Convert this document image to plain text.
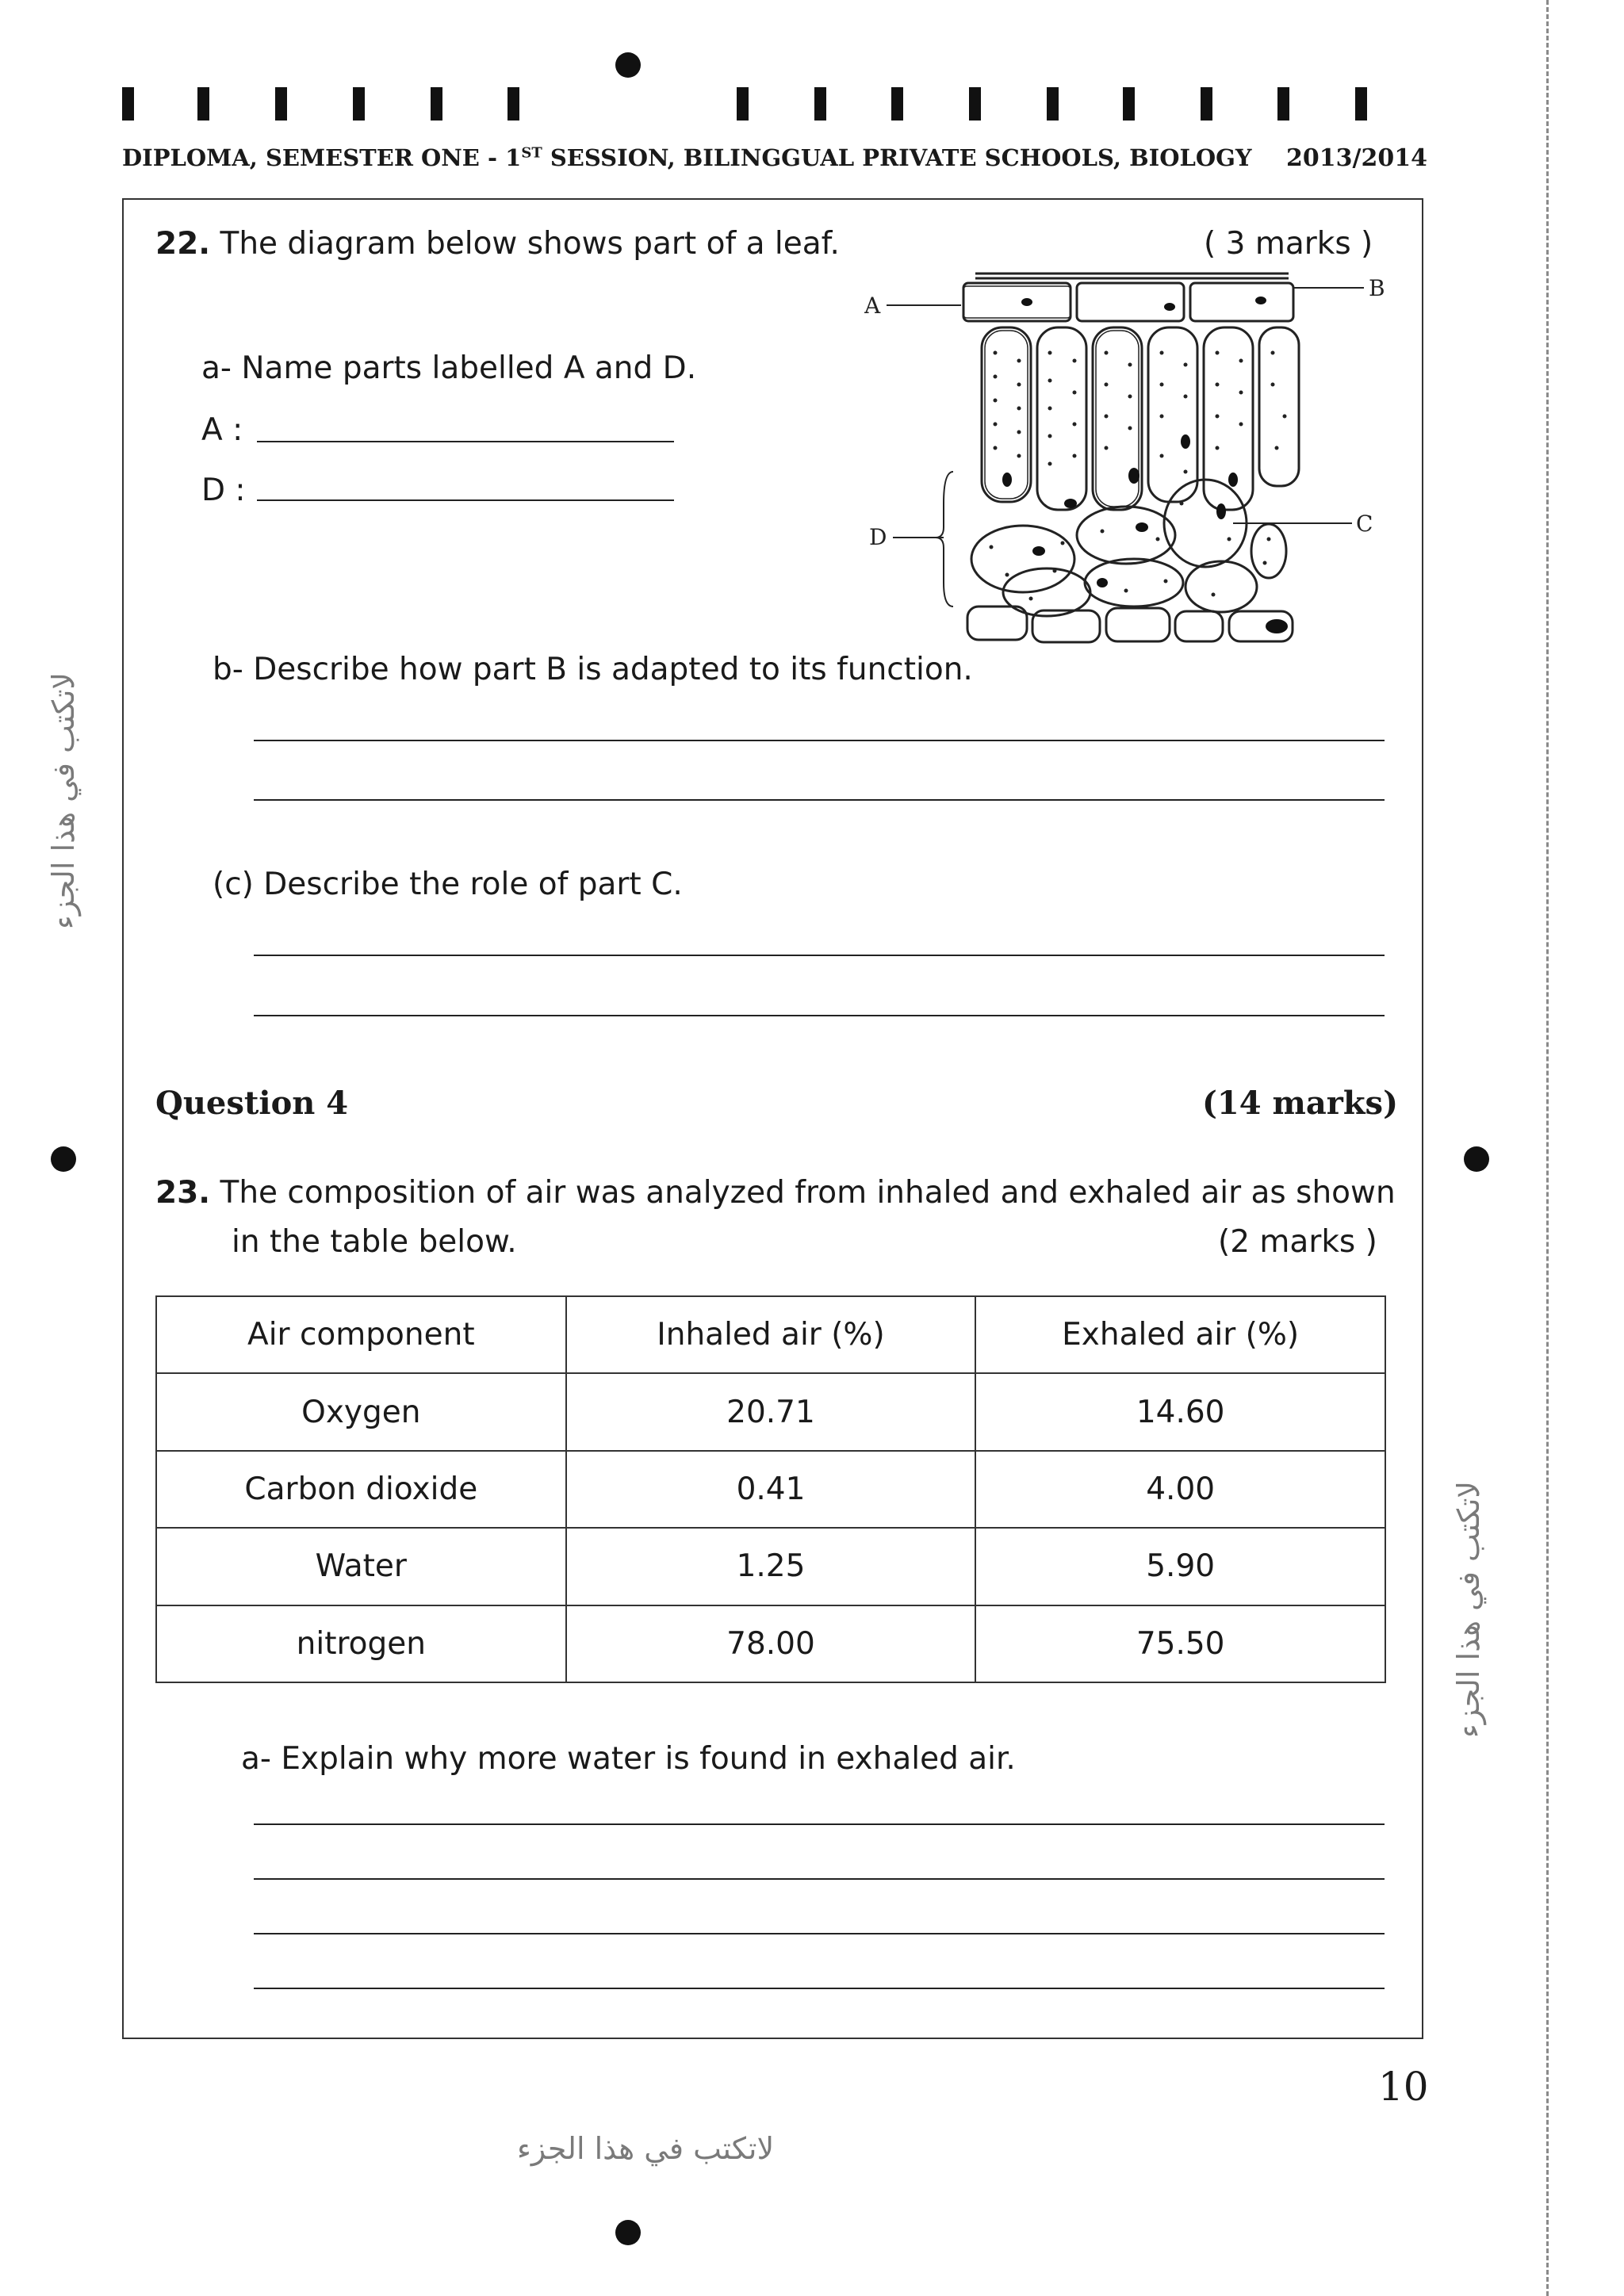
DIPLOMA, SEMESTER ONE - 1ST SESSION, BILINGGUAL PRIVATE SCHOOLS, BIOLOGY 2013/2014
22. The diagram below shows part of a leaf.	( 3 marks )
a- Name parts labelled A and D.
A :
D :
A
B
C
D
b- Describe how part B is adapted to its function.
(c) Describe the role of part C.
Question 4	(14 marks)
23. The composition of air was analyzed from inhaled and exhaled air as shown
in the table below.	(2 marks )
Air component	Inhaled air (%)	Exhaled air (%)
Oxygen	20.71	14.60
Carbon dioxide	0.41	4.00
Water	1.25	5.90
nitrogen	78.00	75.50
a- Explain why more water is found in exhaled air.
10
لاتكتب في هذا الجزء
لاتكتب في هذا الجزء
لاتكتب في هذا الجزء
